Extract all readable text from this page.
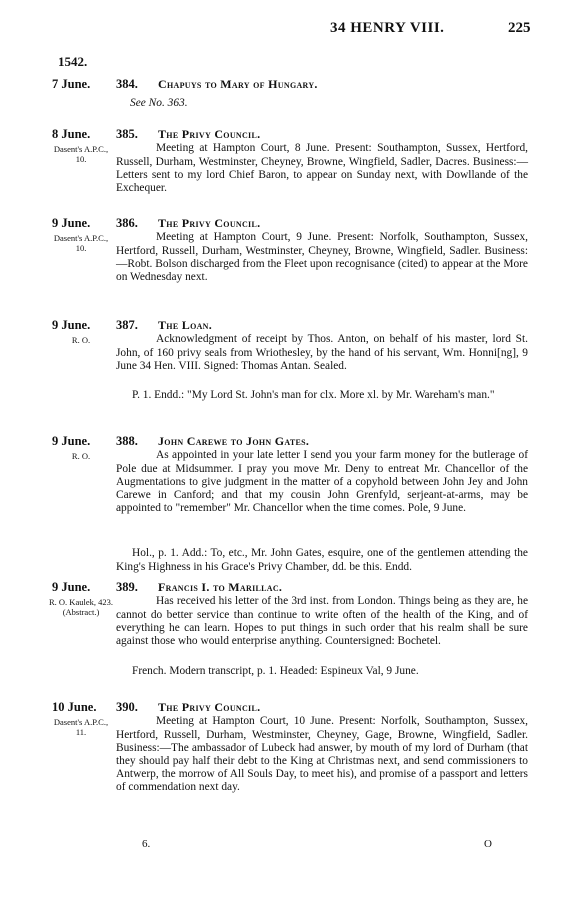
34 HENRY VIII.	225
1542.
7 June.	384. Chapuys to Mary of Hungary.
See No. 363.
8 June.
Dasent's A.P.C., 10.
385. The Privy Council.

Meeting at Hampton Court, 8 June. Present: Southampton, Sussex, Hertford, Russell, Durham, Westminster, Cheyney, Browne, Wingfield, Sadler, Dacres. Business:—Letters sent to my lord Chief Baron, to appear on Sunday next, with Dowllande of the Exchequer.

9 June.
Dasent's A.P.C., 10.
386. The Privy Council.

Meeting at Hampton Court, 9 June. Present: Norfolk, Southampton, Sussex, Hertford, Russell, Durham, Westminster, Cheyney, Browne, Wingfield, Sadler. Business:—Robt. Bolson discharged from the Fleet upon recognisance (cited) to appear at the More on Wednesday next.

9 June.
R. O.
387. The Loan.

Acknowledgment of receipt by Thos. Anton, on behalf of his master, lord St. John, of 160 privy seals from Wriothesley, by the hand of his servant, Wm. Honni[ng], 9 June 34 Hen. VIII. Signed: Thomas Antan. Sealed.

P. 1. Endd.: "My Lord St. John's man for clx. More xl. by Mr. Wareham's man."

9 June.
R. O.
388. John Carewe to John Gates.

As appointed in your late letter I send you your farm money for the butlerage of Pole due at Midsummer. I pray you move Mr. Deny to entreat Mr. Chancellor of the Augmentations to give judgment in the matter of a copyhold between John Jey and John Carewe in Canford; and that my cousin John Grenfyld, serjeant-at-arms, may be appointed to "remember" Mr. Chancellor when the time comes. Pole, 9 June.

Hol., p. 1. Add.: To, etc., Mr. John Gates, esquire, one of the gentlemen attending the King's Highness in his Grace's Privy Chamber, dd. be this. Endd.

9 June.
R. O. Kaulek, 423. (Abstract.)
389. Francis I. to Marillac.

Has received his letter of the 3rd inst. from London. Things being as they are, he cannot do better service than continue to write often of the health of the King, and of everything he can learn. Hopes to put things in such order that his realm shall be sure against those who would enterprise anything. Countersigned: Bochetel.

French. Modern transcript, p. 1. Headed: Espineux Val, 9 June.

10 June.
Dasent's A.P.C., 11.
390. The Privy Council.

Meeting at Hampton Court, 10 June. Present: Norfolk, Southampton, Sussex, Hertford, Russell, Durham, Westminster, Cheyney, Gage, Browne, Wingfield, Sadler. Business:—The ambassador of Lubeck had answer, by mouth of my lord of Durham (that they should pay half their debt to the King at Christmas next, and send commissioners to Antwerp, the morrow of All Souls Day, to meet his), and promise of a passport and letters of commendation next day.

6.	O
